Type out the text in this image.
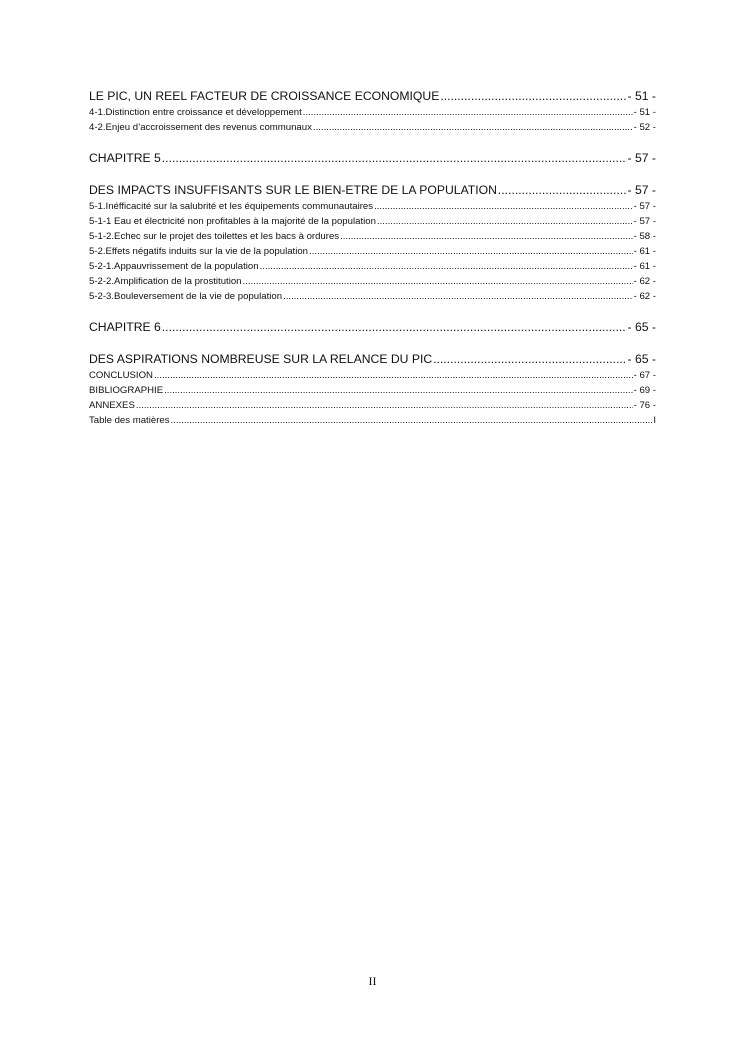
LE PIC, UN REEL FACTEUR DE CROISSANCE ECONOMIQUE .....	- 51 -
4-1.Distinction entre croissance et développement .....	- 51 -
4-2.Enjeu d’accroissement des revenus communaux .....	- 52 -
CHAPITRE 5 .....	- 57 -
DES IMPACTS INSUFFISANTS SUR LE BIEN-ETRE DE LA POPULATION .....	- 57 -
5-1.Inéfficacité sur la salubrité et les équipements communautaires .....	- 57 -
5-1-1 Eau et électricité non profitables à la majorité de la population .....	- 57 -
5-1-2.Echec sur le projet des toilettes et les bacs à ordures .....	- 58 -
5-2.Effets négatifs induits sur la vie de la population .....	- 61 -
5-2-1.Appauvrissement de la population .....	- 61 -
5-2-2.Amplification de la prostitution .....	- 62 -
5-2-3.Bouleversement de la vie de population .....	- 62 -
CHAPITRE 6 .....	- 65 -
DES ASPIRATIONS NOMBREUSE SUR LA RELANCE DU PIC .....	- 65 -
CONCLUSION .....	- 67 -
BIBLIOGRAPHIE .....	- 69 -
ANNEXES .....	- 76 -
Table des matières .....	I
II
